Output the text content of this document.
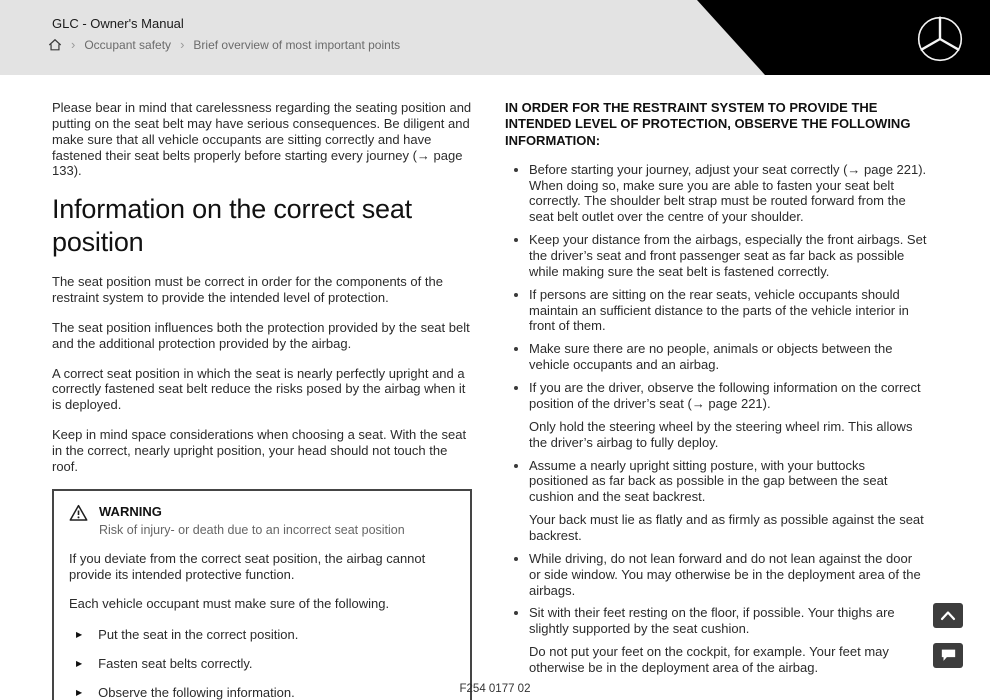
GLC - Owner's Manual
› Occupant safety › Brief overview of most important points

Please bear in mind that carelessness regarding the seating position and putting on the seat belt may have serious consequences. Be diligent and make sure that all vehicle occupants are sitting correctly and have fastened their seat belts properly before starting every journey (→ page 133).

Information on the correct seat position

The seat position must be correct in order for the components of the restraint system to provide the intended level of protection.

The seat position influences both the protection provided by the seat belt and the additional protection provided by the airbag.

A correct seat position in which the seat is nearly perfectly upright and a correctly fastened seat belt reduce the risks posed by the airbag when it is deployed.

Keep in mind space considerations when choosing a seat. With the seat in the correct, nearly upright position, your head should not touch the roof.

WARNING
Risk of injury- or death due to an incorrect seat position

If you deviate from the correct seat position, the airbag cannot provide its intended protective function.

Each vehicle occupant must make sure of the following.

▶ Put the seat in the correct position.
▶ Fasten seat belts correctly.
▶ Observe the following information.
IN ORDER FOR THE RESTRAINT SYSTEM TO PROVIDE THE INTENDED LEVEL OF PROTECTION, OBSERVE THE FOLLOWING INFORMATION:

Before starting your journey, adjust your seat correctly (→ page 221).

When doing so, make sure you are able to fasten your seat belt correctly. The shoulder belt strap must be routed forward from the seat belt outlet over the centre of your shoulder.

Keep your distance from the airbags, especially the front airbags. Set the driver’s seat and front passenger seat as far back as possible while making sure the seat belt is fastened correctly.

If persons are sitting on the rear seats, vehicle occupants should maintain an sufficient distance to the parts of the vehicle interior in front of them.

Make sure there are no people, animals or objects between the vehicle occupants and an airbag.

If you are the driver, observe the following information on the correct position of the driver’s seat (→ page 221).

Only hold the steering wheel by the steering wheel rim. This allows the driver’s airbag to fully deploy.

Assume a nearly upright sitting posture, with your buttocks positioned as far back as possible in the gap between the seat cushion and the seat backrest.

Your back must lie as flatly and as firmly as possible against the seat backrest.

While driving, do not lean forward and do not lean against the door or side window. You may otherwise be in the deployment area of the airbags.

Sit with their feet resting on the floor, if possible. Your thighs are slightly supported by the seat cushion.

Do not put your feet on the cockpit, for example. Your feet may otherwise be in the deployment area of the airbag.

F254 0177 02
